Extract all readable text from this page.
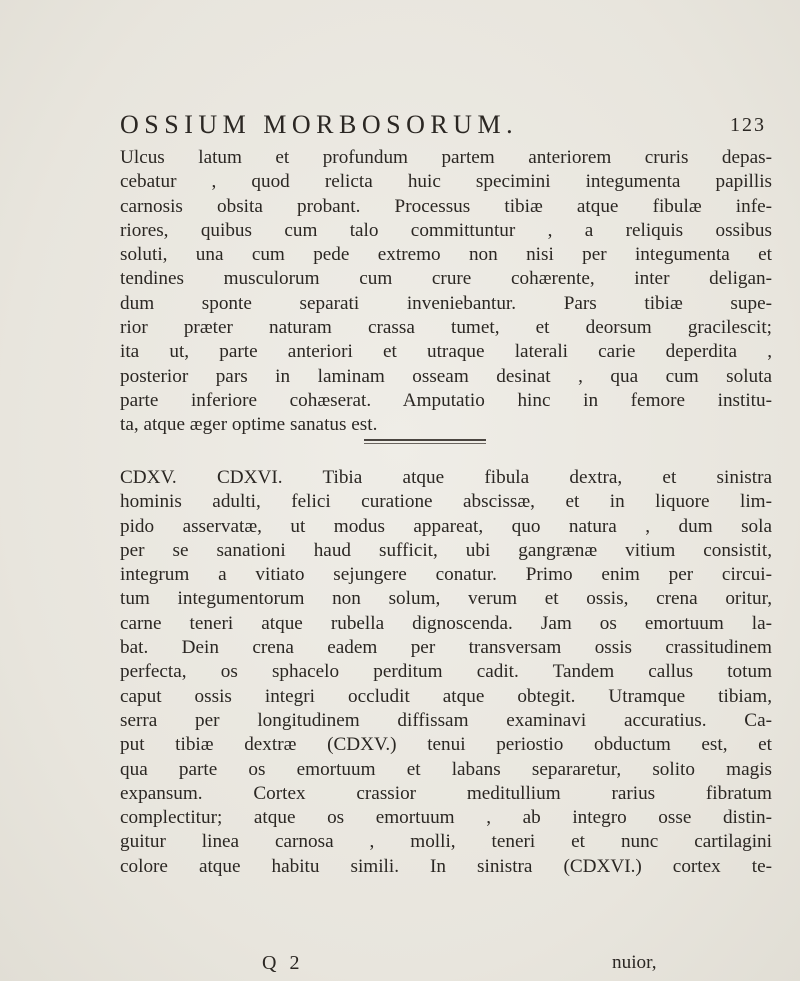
OSSIUM MORBOSORUM.	123
Ulcus latum et profundum partem anteriorem cruris depas-
cebatur , quod relicta huic specimini integumenta papillis
carnosis obsita probant. Processus tibiæ atque fibulæ infe-
riores, quibus cum talo committuntur , a reliquis ossibus
soluti, una cum pede extremo non nisi per integumenta et
tendines musculorum cum crure cohærente, inter deligan-
dum sponte separati inveniebantur. Pars tibiæ supe-
rior præter naturam crassa tumet, et deorsum gracilescit;
ita ut, parte anteriori et utraque laterali carie deperdita ,
posterior pars in laminam osseam desinat , qua cum soluta
parte inferiore cohæserat. Amputatio hinc in femore institu-
ta, atque æger optime sanatus est.
CDXV. CDXVI. Tibia atque fibula dextra, et sinistra
hominis adulti, felici curatione abscissæ, et in liquore lim-
pido asservatæ, ut modus appareat, quo natura , dum sola
per se sanationi haud sufficit, ubi gangrænæ vitium consistit,
integrum a vitiato sejungere conatur. Primo enim per circui-
tum integumentorum non solum, verum et ossis, crena oritur,
carne teneri atque rubella dignoscenda. Jam os emortuum la-
bat. Dein crena eadem per transversam ossis crassitudinem
perfecta, os sphacelo perditum cadit. Tandem callus totum
caput ossis integri occludit atque obtegit. Utramque tibiam,
serra per longitudinem diffissam examinavi accuratius. Ca-
put tibiæ dextræ (CDXV.) tenui periostio obductum est, et
qua parte os emortuum et labans separaretur, solito magis
expansum. Cortex crassior meditullium rarius fibratum
complectitur; atque os emortuum , ab integro osse distin-
guitur linea carnosa , molli, teneri et nunc cartilagini
colore atque habitu simili. In sinistra (CDXVI.) cortex te-
Q 2	nuior,
